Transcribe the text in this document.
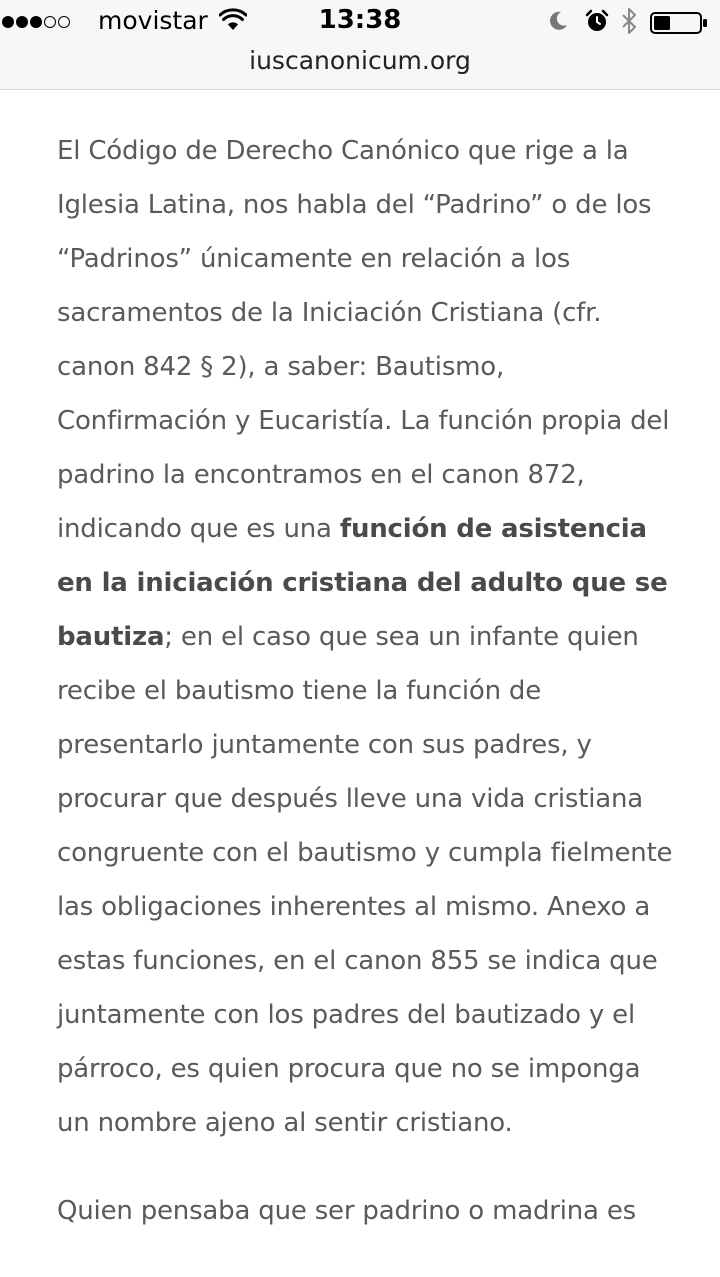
movistar	13:38
iuscanonicum.org

El Código de Derecho Canónico que rige a la Iglesia Latina, nos habla del “Padrino” o de los “Padrinos” únicamente en relación a los sacramentos de la Iniciación Cristiana (cfr. canon 842 § 2), a saber: Bautismo, Confirmación y Eucaristía. La función propia del padrino la encontramos en el canon 872, indicando que es una función de asistencia en la iniciación cristiana del adulto que se bautiza; en el caso que sea un infante quien recibe el bautismo tiene la función de presentarlo juntamente con sus padres, y procurar que después lleve una vida cristiana congruente con el bautismo y cumpla fielmente las obligaciones inherentes al mismo. Anexo a estas funciones, en el canon 855 se indica que juntamente con los padres del bautizado y el párroco, es quien procura que no se imponga un nombre ajeno al sentir cristiano.

Quien pensaba que ser padrino o madrina es
